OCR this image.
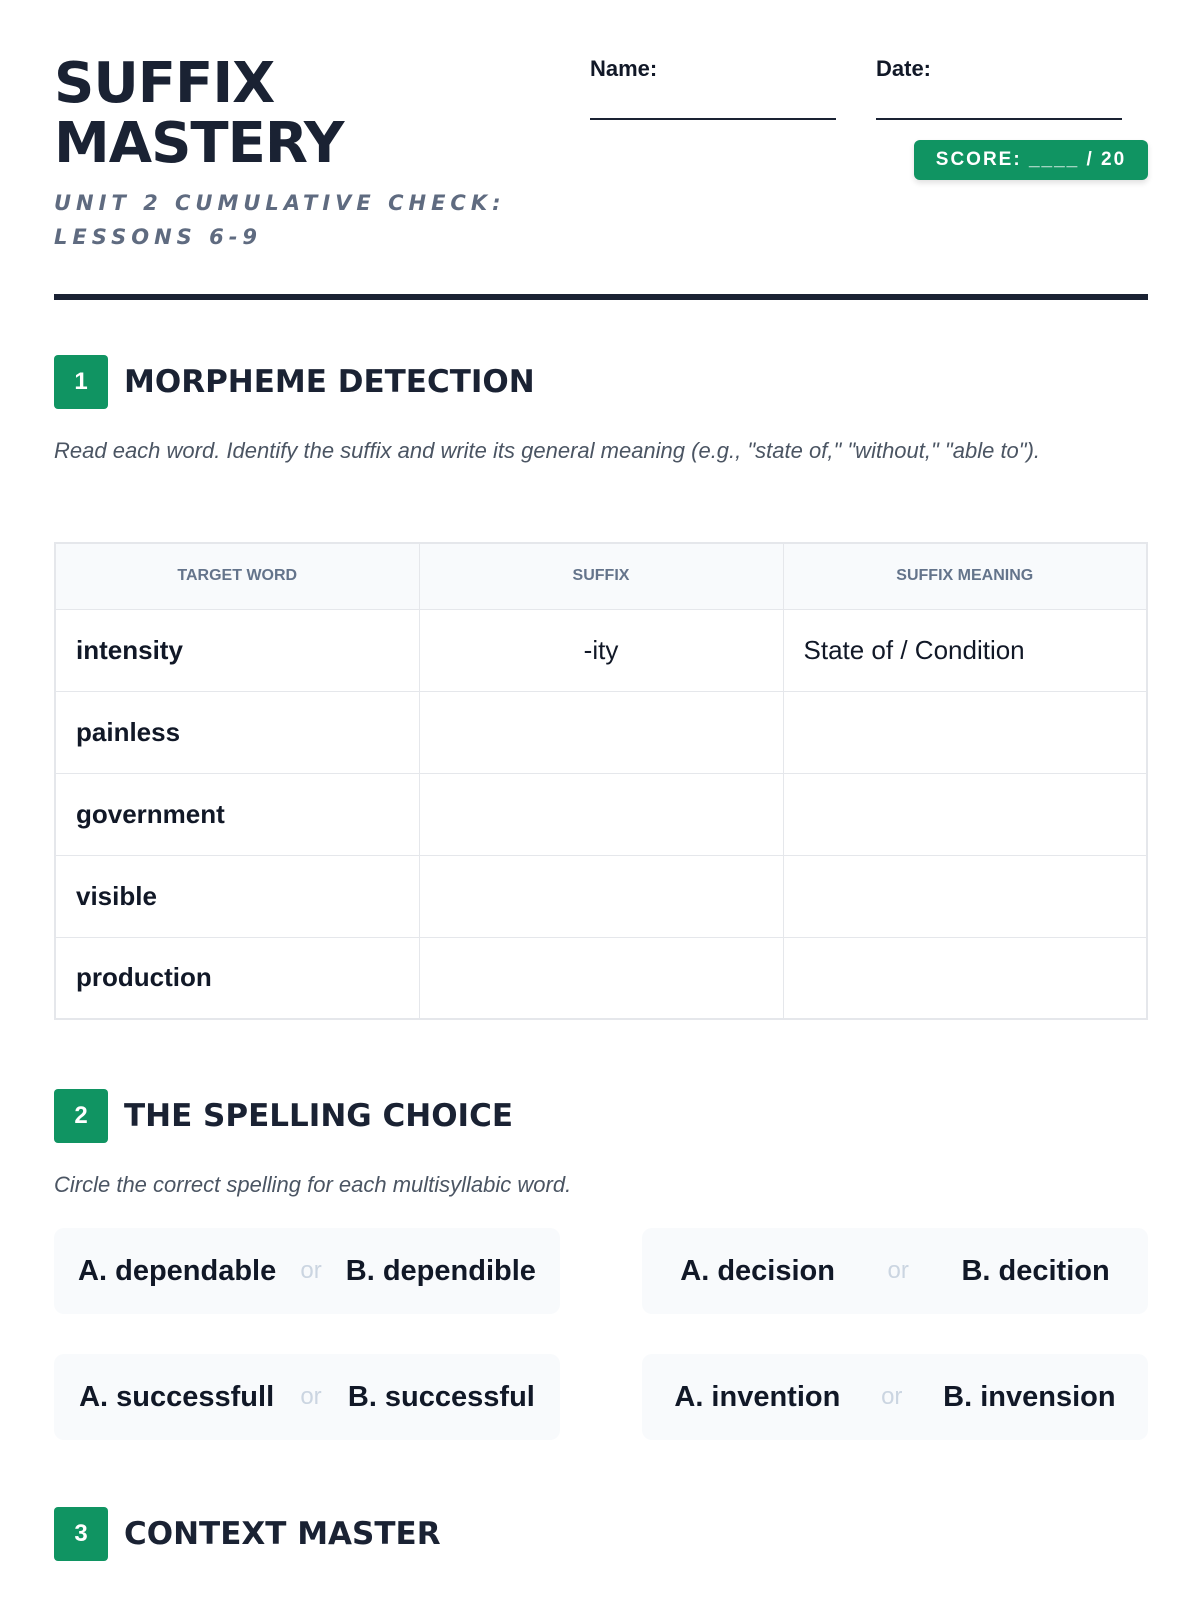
SUFFIX
MASTERY
UNIT 2 CUMULATIVE CHECK:
LESSONS 6-9
Name:	Date:
SCORE: ____ / 20
1	MORPHEME DETECTION
Read each word. Identify the suffix and write its general meaning (e.g., "state of," "without," "able to").
TARGET WORD	SUFFIX	SUFFIX MEANING
intensity	-ity	State of / Condition
painless		
government		
visible		
production		
2	THE SPELLING CHOICE
Circle the correct spelling for each multisyllabic word.
A. dependable or B. dependible	A. decision or B. decition
A. successfull or B. successful	A. invention or B. invension
3	CONTEXT MASTER
